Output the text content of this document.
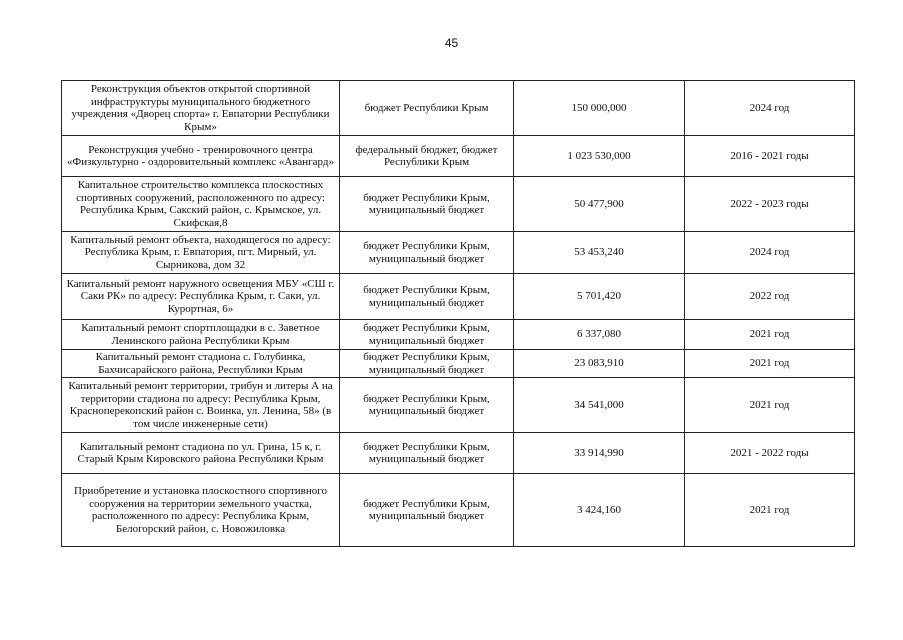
45
Реконструкция объектов открытой спортивной инфраструктуры муниципального бюджетного учреждения «Дворец спорта» г. Евпатории Республики Крым»	бюджет Республики Крым	150 000,000	2024 год
Реконструкция учебно - тренировочного центра «Физкультурно - оздоровительный комплекс «Авангард»	федеральный бюджет, бюджет Республики Крым	1 023 530,000	2016 - 2021 годы
Капитальное строительство комплекса плоскостных спортивных сооружений, расположенного по адресу: Республика Крым, Сакский район, с. Крымское, ул. Скифская,8	бюджет Республики Крым, муниципальный бюджет	50 477,900	2022 - 2023 годы
Капитальный ремонт объекта, находящегося по адресу: Республика Крым, г. Евпатория, пгт. Мирный, ул. Сырникова, дом 32	бюджет Республики Крым, муниципальный бюджет	53 453,240	2024 год
Капитальный ремонт наружного освещения МБУ «СШ г. Саки РК» по адресу: Республика Крым, г. Саки, ул. Курортная, 6»	бюджет Республики Крым, муниципальный бюджет	5 701,420	2022 год
Капитальный ремонт спортплощадки в с. Заветное Ленинского района Республики Крым	бюджет Республики Крым, муниципальный бюджет	6 337,080	2021 год
Капитальный ремонт стадиона с. Голубинка, Бахчисарайского района, Республики Крым	бюджет Республики Крым, муниципальный бюджет	23 083,910	2021 год
Капитальный ремонт территории, трибун и литеры А на территории стадиона по адресу: Республика Крым, Красноперекопский район с. Воинка, ул. Ленина, 58» (в том числе инженерные сети)	бюджет Республики Крым, муниципальный бюджет	34 541,000	2021 год
Капитальный ремонт стадиона по ул. Грина, 15 к, г. Старый Крым Кировского района Республики Крым	бюджет Республики Крым, муниципальный бюджет	33 914,990	2021 - 2022 годы
Приобретение и установка плоскостного спортивного сооружения на территории земельного участка, расположенного по адресу: Республика Крым, Белогорский район, с. Новожиловка	бюджет Республики Крым, муниципальный бюджет	3 424,160	2021 год
